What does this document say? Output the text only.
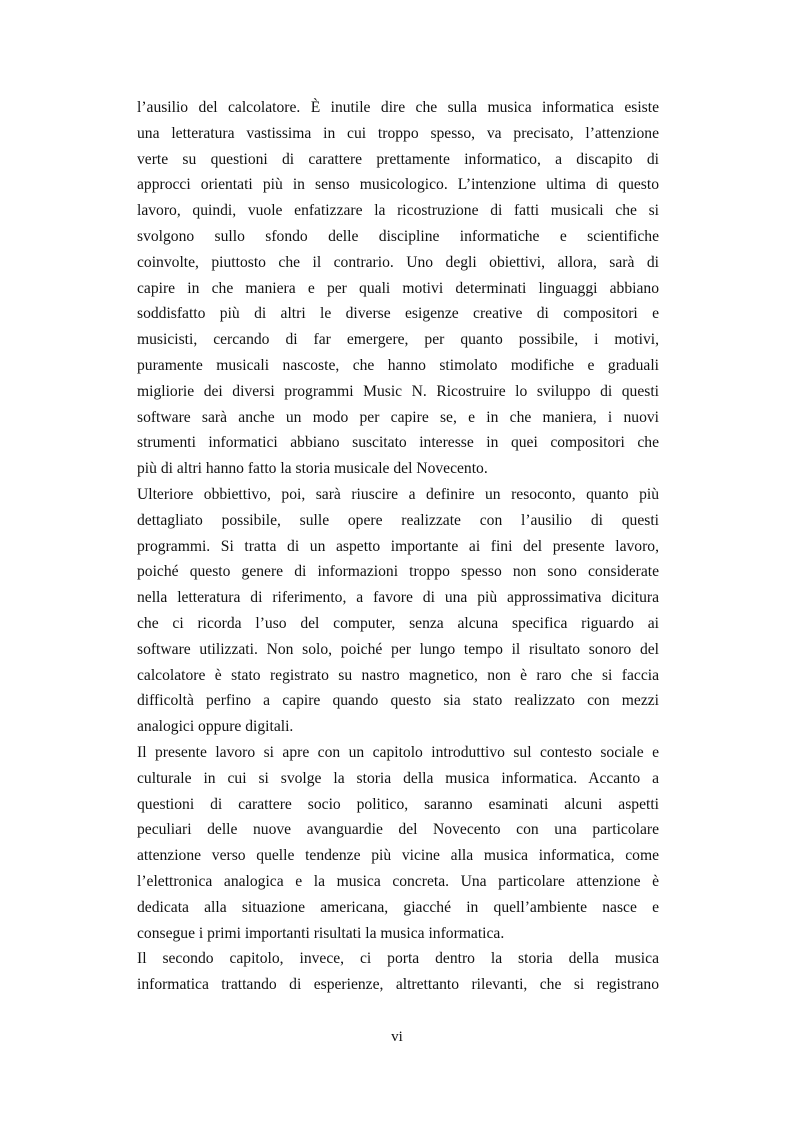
l’ausilio del calcolatore. È inutile dire che sulla musica informatica esiste
una letteratura vastissima in cui troppo spesso, va precisato, l’attenzione
verte su questioni di carattere prettamente informatico, a discapito di
approcci orientati più in senso musicologico. L’intenzione ultima di questo
lavoro, quindi, vuole enfatizzare la ricostruzione di fatti musicali che si
svolgono sullo sfondo delle discipline informatiche e scientifiche
coinvolte, piuttosto che il contrario. Uno degli obiettivi, allora, sarà di
capire in che maniera e per quali motivi determinati linguaggi abbiano
soddisfatto più di altri le diverse esigenze creative di compositori e
musicisti, cercando di far emergere, per quanto possibile, i motivi,
puramente musicali nascoste, che hanno stimolato modifiche e graduali
migliorie dei diversi programmi Music N. Ricostruire lo sviluppo di questi
software sarà anche un modo per capire se, e in che maniera, i nuovi
strumenti informatici abbiano suscitato interesse in quei compositori che
più di altri hanno fatto la storia musicale del Novecento.
Ulteriore obbiettivo, poi, sarà riuscire a definire un resoconto, quanto più
dettagliato possibile, sulle opere realizzate con l’ausilio di questi
programmi. Si tratta di un aspetto importante ai fini del presente lavoro,
poiché questo genere di informazioni troppo spesso non sono considerate
nella letteratura di riferimento, a favore di una più approssimativa dicitura
che ci ricorda l’uso del computer, senza alcuna specifica riguardo ai
software utilizzati. Non solo, poiché per lungo tempo il risultato sonoro del
calcolatore è stato registrato su nastro magnetico, non è raro che si faccia
difficoltà perfino a capire quando questo sia stato realizzato con mezzi
analogici oppure digitali.
Il presente lavoro si apre con un capitolo introduttivo sul contesto sociale e
culturale in cui si svolge la storia della musica informatica. Accanto a
questioni di carattere socio politico, saranno esaminati alcuni aspetti
peculiari delle nuove avanguardie del Novecento con una particolare
attenzione verso quelle tendenze più vicine alla musica informatica, come
l’elettronica analogica e la musica concreta. Una particolare attenzione è
dedicata alla situazione americana, giacché in quell’ambiente nasce e
consegue i primi importanti risultati la musica informatica.
Il secondo capitolo, invece, ci porta dentro la storia della musica
informatica trattando di esperienze, altrettanto rilevanti, che si registrano
vi
